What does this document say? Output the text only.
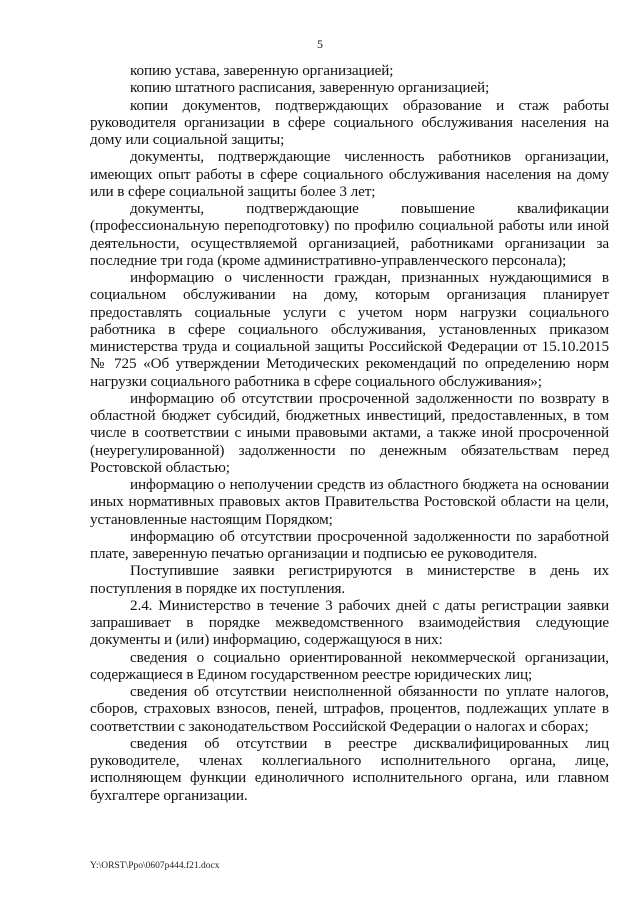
5

копию устава, заверенную организацией;

копию штатного расписания, заверенную организацией;

копии документов, подтверждающих образование и стаж работы руководителя организации в сфере социального обслуживания населения на дому или социальной защиты;

документы, подтверждающие численность работников организации, имеющих опыт работы в сфере социального обслуживания населения на дому или в сфере социальной защиты более 3 лет;

документы, подтверждающие повышение квалификации (профессиональную переподготовку) по профилю социальной работы или иной деятельности, осуществляемой организацией, работниками организации за последние три года (кроме административно-управленческого персонала);

информацию о численности граждан, признанных нуждающимися в социальном обслуживании на дому, которым организация планирует предоставлять социальные услуги с учетом норм нагрузки социального работника в сфере социального обслуживания, установленных приказом министерства труда и социальной защиты Российской Федерации от 15.10.2015 № 725 «Об утверждении Методических рекомендаций по определению норм нагрузки социального работника в сфере социального обслуживания»;

информацию об отсутствии просроченной задолженности по возврату в областной бюджет субсидий, бюджетных инвестиций, предоставленных, в том числе в соответствии с иными правовыми актами, а также иной просроченной (неурегулированной) задолженности по денежным обязательствам перед Ростовской областью;

информацию о неполучении средств из областного бюджета на основании иных нормативных правовых актов Правительства Ростовской области на цели, установленные настоящим Порядком;

информацию об отсутствии просроченной задолженности по заработной плате, заверенную печатью организации и подписью ее руководителя.

Поступившие заявки регистрируются в министерстве в день их поступления в порядке их поступления.

2.4. Министерство в течение 3 рабочих дней с даты регистрации заявки запрашивает в порядке межведомственного взаимодействия следующие документы и (или) информацию, содержащуюся в них:

сведения о социально ориентированной некоммерческой организации, содержащиеся в Едином государственном реестре юридических лиц;

сведения об отсутствии неисполненной обязанности по уплате налогов, сборов, страховых взносов, пеней, штрафов, процентов, подлежащих уплате в соответствии с законодательством Российской Федерации о налогах и сборах;

сведения об отсутствии в реестре дисквалифицированных лиц руководителе, членах коллегиального исполнительного органа, лице, исполняющем функции единоличного исполнительного органа, или главном бухгалтере организации.

Y:\ORST\Ppo\0607p444.f21.docx
